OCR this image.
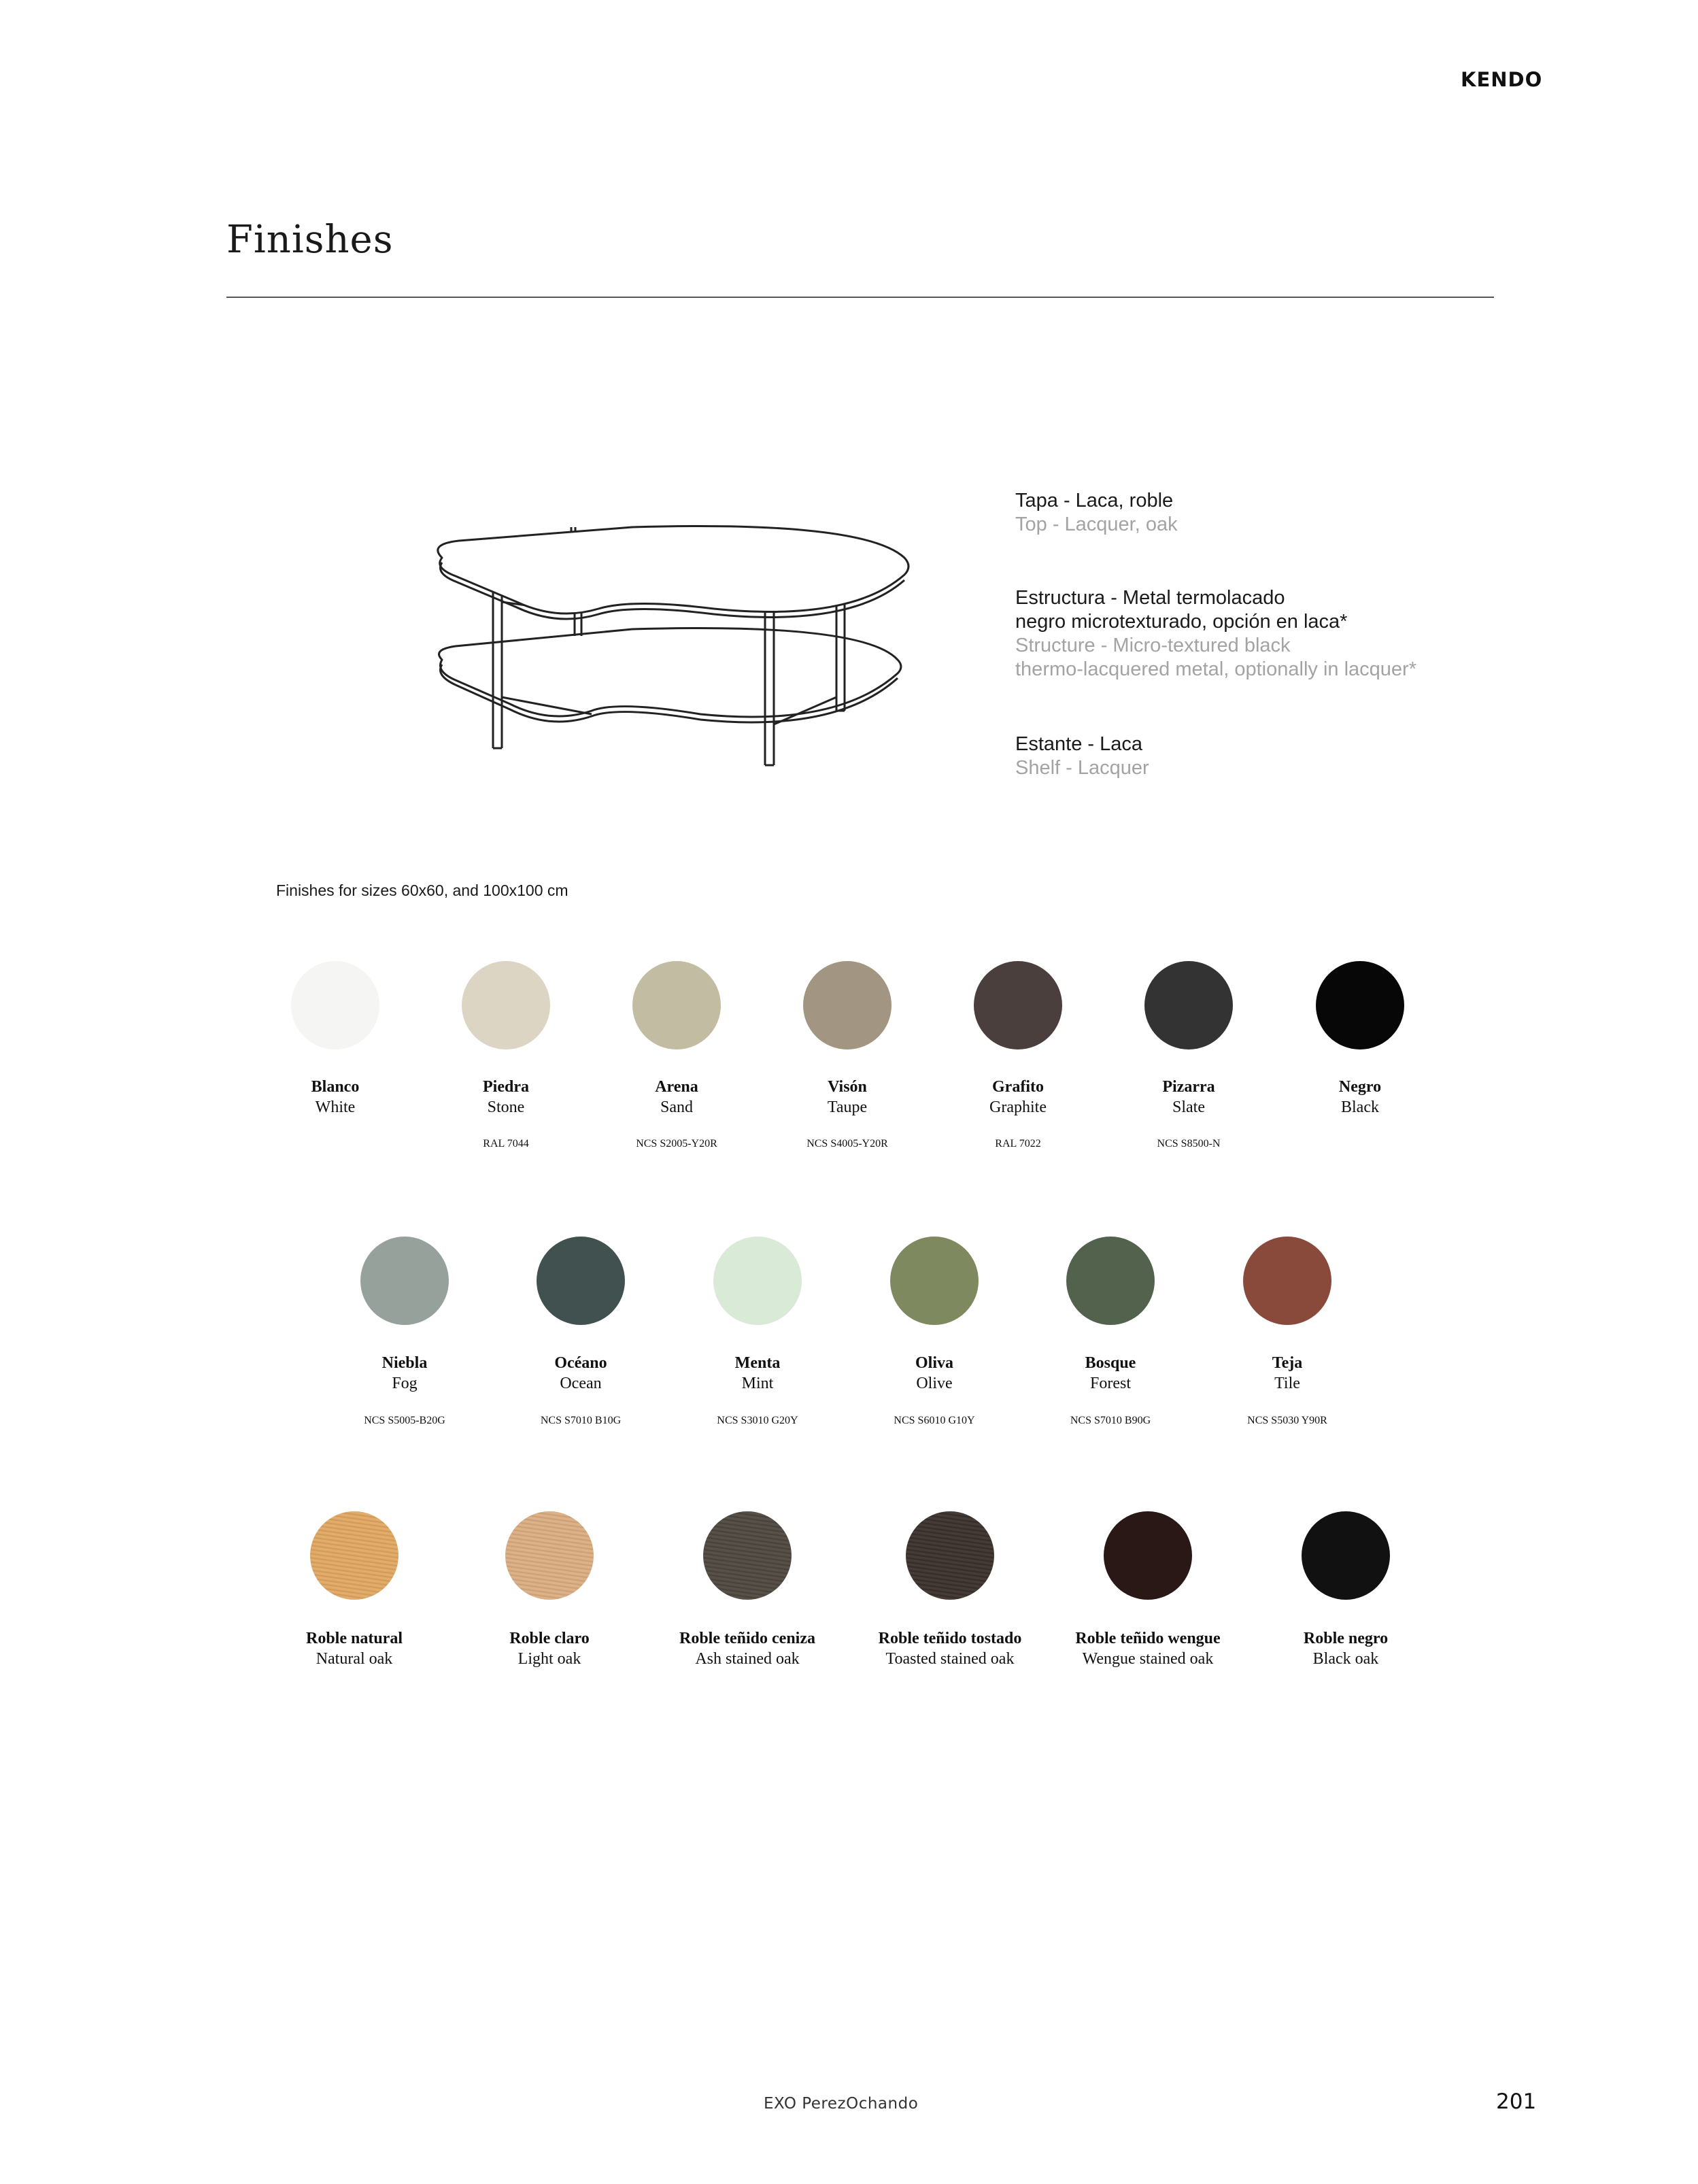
KENDO
Finishes
Tapa - Laca, roble
Top - Lacquer, oak
Estructura - Metal termolacado
negro microtexturado, opción en laca*
Structure - Micro-textured black
thermo-lacquered metal, optionally in lacquer*
Estante - Laca
Shelf - Lacquer
Finishes for sizes 60x60, and 100x100 cm
Blanco
White
Piedra
Stone
RAL 7044
Arena
Sand
NCS S2005-Y20R
Visón
Taupe
NCS S4005-Y20R
Grafito
Graphite
RAL 7022
Pizarra
Slate
NCS S8500-N
Negro
Black
Niebla
Fog
NCS S5005-B20G
Océano
Ocean
NCS S7010 B10G
Menta
Mint
NCS S3010 G20Y
Oliva
Olive
NCS S6010 G10Y
Bosque
Forest
NCS S7010 B90G
Teja
Tile
NCS S5030 Y90R
Roble natural
Natural oak
Roble claro
Light oak
Roble teñido ceniza
Ash stained oak
Roble teñido tostado
Toasted stained oak
Roble teñido wengue
Wengue stained oak
Roble negro
Black oak
EXO PerezOchando	201
